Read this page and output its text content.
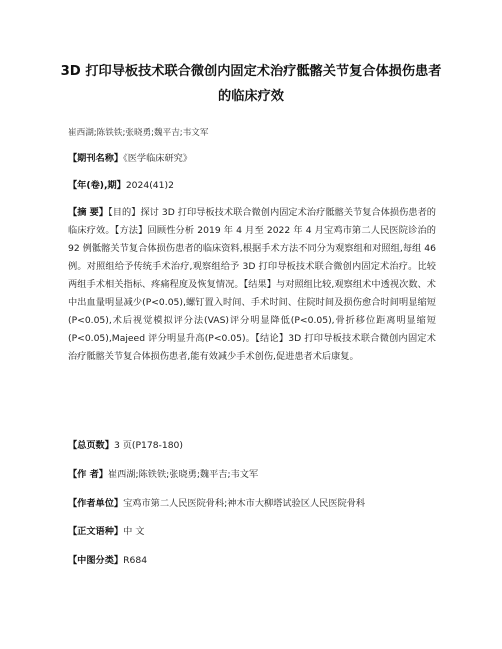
3D 打印导板技术联合微创内固定术治疗骶髂关节复合体损伤患者的临床疗效
崔西湖;陈铁铁;张晓勇;魏平吉;韦文军
【期刊名称】《医学临床研究》
【年(卷),期】2024(41)2
【摘 要】【目的】探讨 3D 打印导板技术联合微创内固定术治疗骶髂关节复合体损伤患者的临床疗效。【方法】回顾性分析 2019 年 4 月至 2022 年 4 月宝鸡市第二人民医院诊治的 92 例骶髂关节复合体损伤患者的临床资料,根据手术方法不同分为观察组和对照组,每组 46 例。对照组给予传统手术治疗,观察组给予 3D 打印导板技术联合微创内固定术治疗。比较两组手术相关指标、疼痛程度及恢复情况。【结果】与对照组比较,观察组术中透视次数、术中出血量明显减少(P<0.05),螺钉置入时间、手术时间、住院时间及损伤愈合时间明显缩短(P<0.05),术后视觉模拟评分法(VAS)评分明显降低(P<0.05),骨折移位距离明显缩短(P<0.05),Majeed 评分明显升高(P<0.05)。【结论】3D 打印导板技术联合微创内固定术治疗骶髂关节复合体损伤患者,能有效减少手术创伤,促进患者术后康复。
【总页数】3 页(P178-180)
【作 者】崔西湖;陈铁铁;张晓勇;魏平吉;韦文军
【作者单位】宝鸡市第二人民医院骨科;神木市大柳塔试验区人民医院骨科
【正文语种】中 文
【中图分类】R684
